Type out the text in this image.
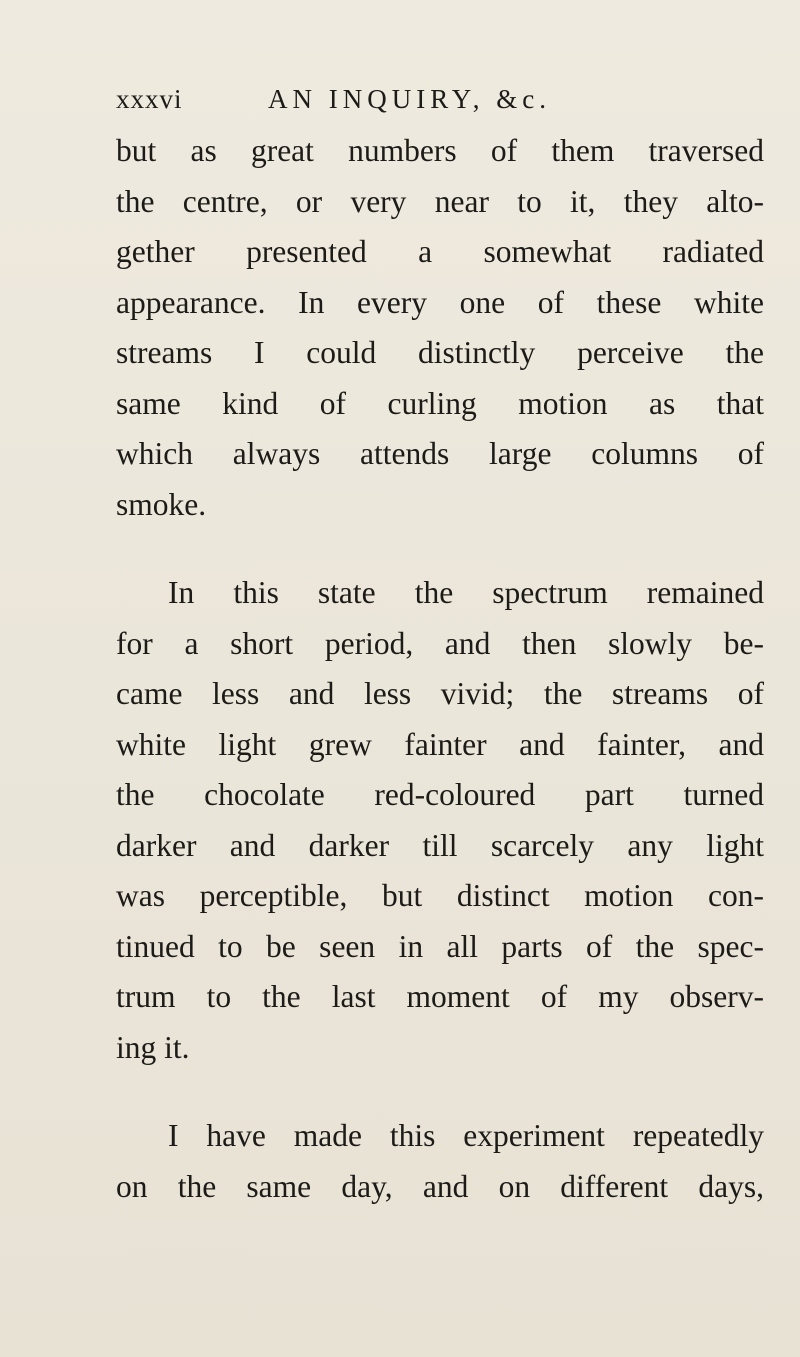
xxxvi	AN INQUIRY, &c.
but as great numbers of them traversed
the centre, or very near to it, they alto-
gether presented a somewhat radiated
appearance. In every one of these white
streams I could distinctly perceive the
same kind of curling motion as that
which always attends large columns of
smoke.
In this state the spectrum remained
for a short period, and then slowly be-
came less and less vivid; the streams of
white light grew fainter and fainter, and
the chocolate red-coloured part turned
darker and darker till scarcely any light
was perceptible, but distinct motion con-
tinued to be seen in all parts of the spec-
trum to the last moment of my observ-
ing it.
I have made this experiment repeatedly
on the same day, and on different days,
